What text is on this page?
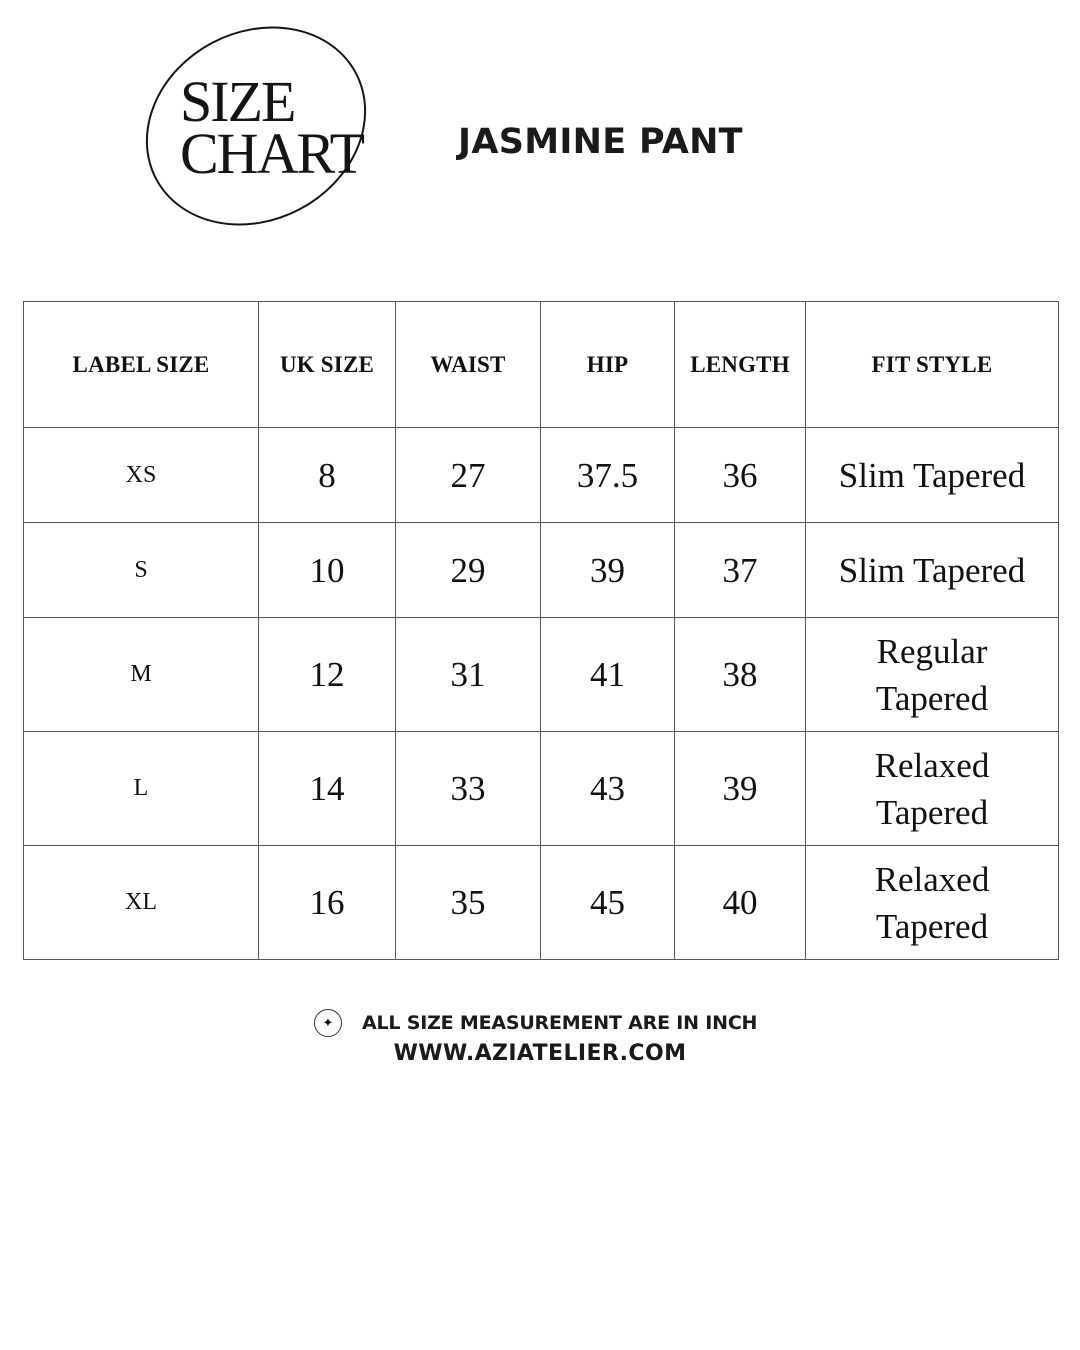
SIZE
CHART	JASMINE PANT
LABEL SIZE	UK SIZE	WAIST	HIP	LENGTH	FIT STYLE
XS	8	27	37.5	36	Slim Tapered
S	10	29	39	37	Slim Tapered
M	12	31	41	38	Regular Tapered
L	14	33	43	39	Relaxed Tapered
XL	16	35	45	40	Relaxed Tapered
✦	ALL SIZE MEASUREMENT ARE IN INCH
WWW.AZIATELIER.COM
